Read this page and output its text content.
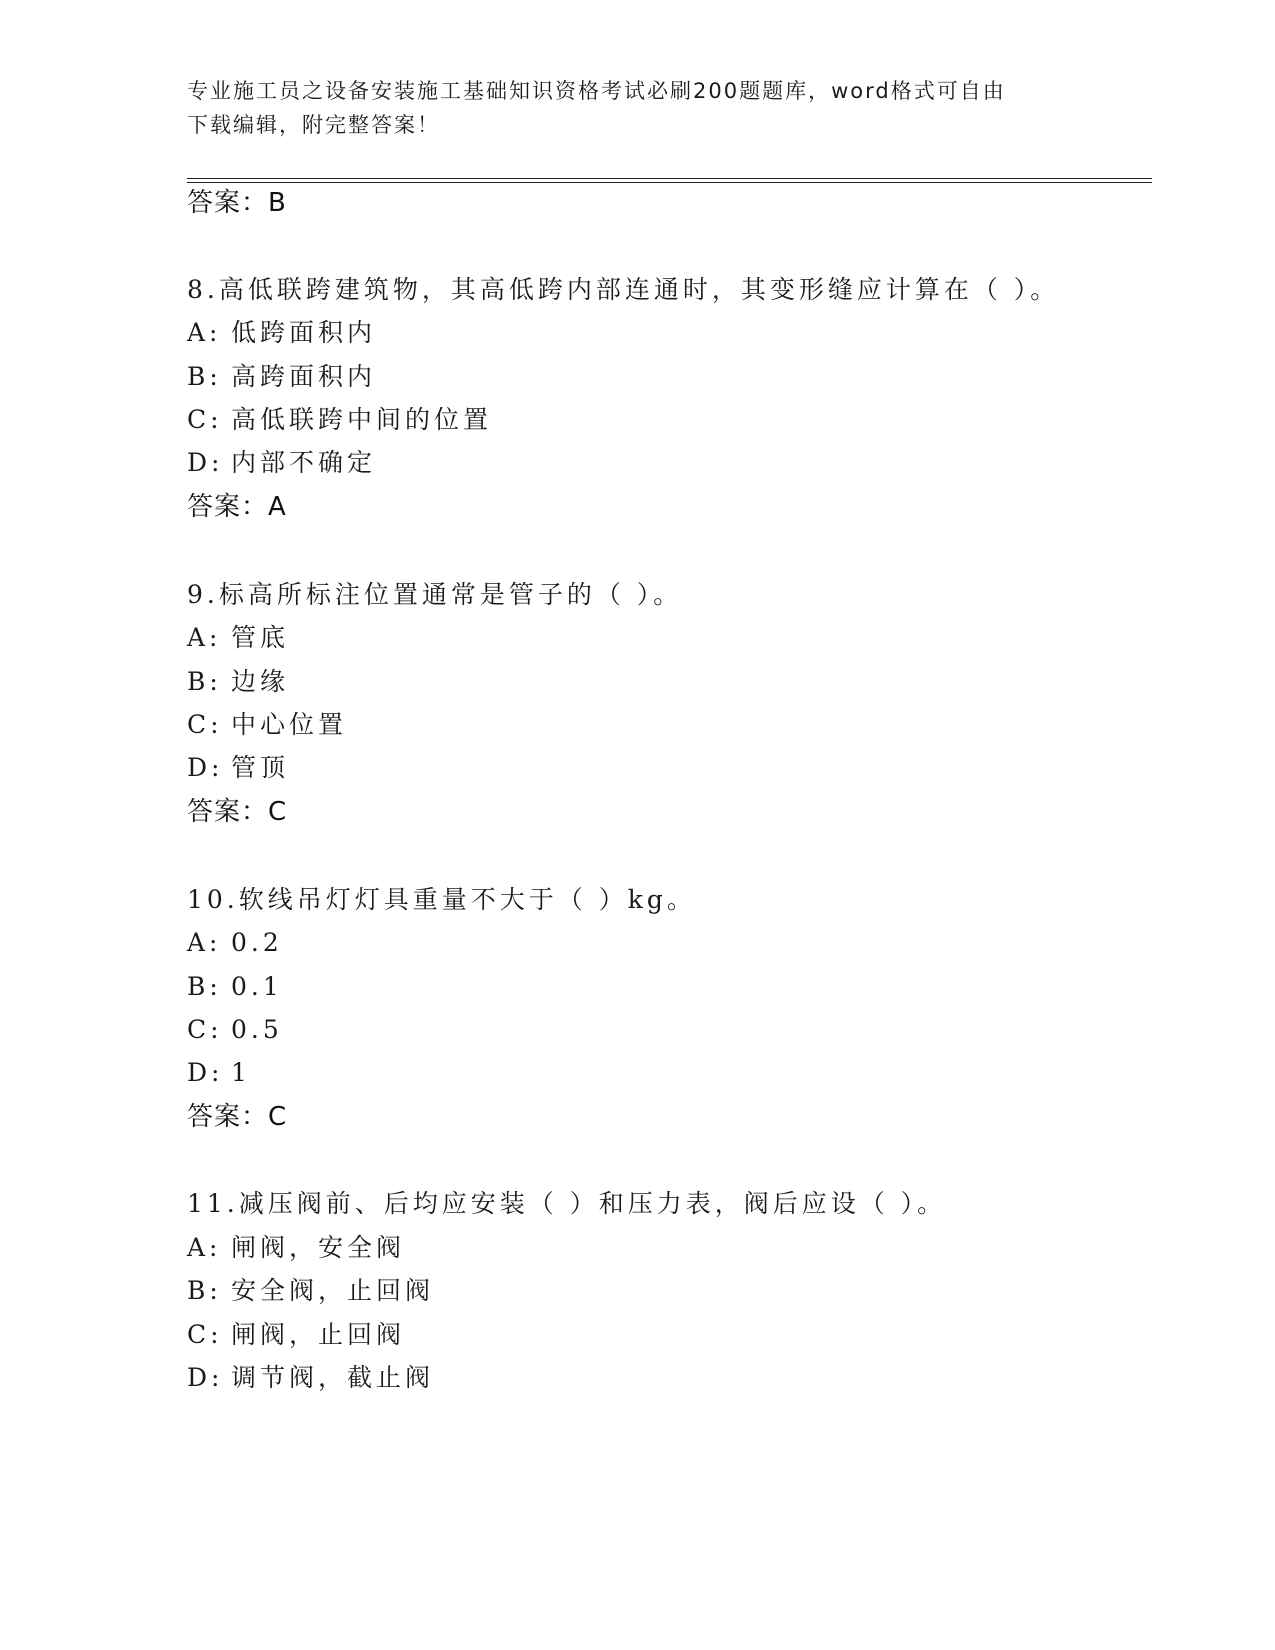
专业施工员之设备安装施工基础知识资格考试必刷200题题库，word格式可自由
下载编辑，附完整答案！
答案：B
8.高低联跨建筑物，其高低跨内部连通时，其变形缝应计算在（ ）。
A: 低跨面积内
B: 高跨面积内
C: 高低联跨中间的位置
D: 内部不确定
答案：A
9.标高所标注位置通常是管子的（ ）。
A: 管底
B: 边缘
C: 中心位置
D: 管顶
答案：C
10.软线吊灯灯具重量不大于（ ）kg。
A: 0.2
B: 0.1
C: 0.5
D: 1
答案：C
11.减压阀前、后均应安装（ ）和压力表，阀后应设（ ）。
A: 闸阀，安全阀
B: 安全阀，止回阀
C: 闸阀，止回阀
D: 调节阀，截止阀
